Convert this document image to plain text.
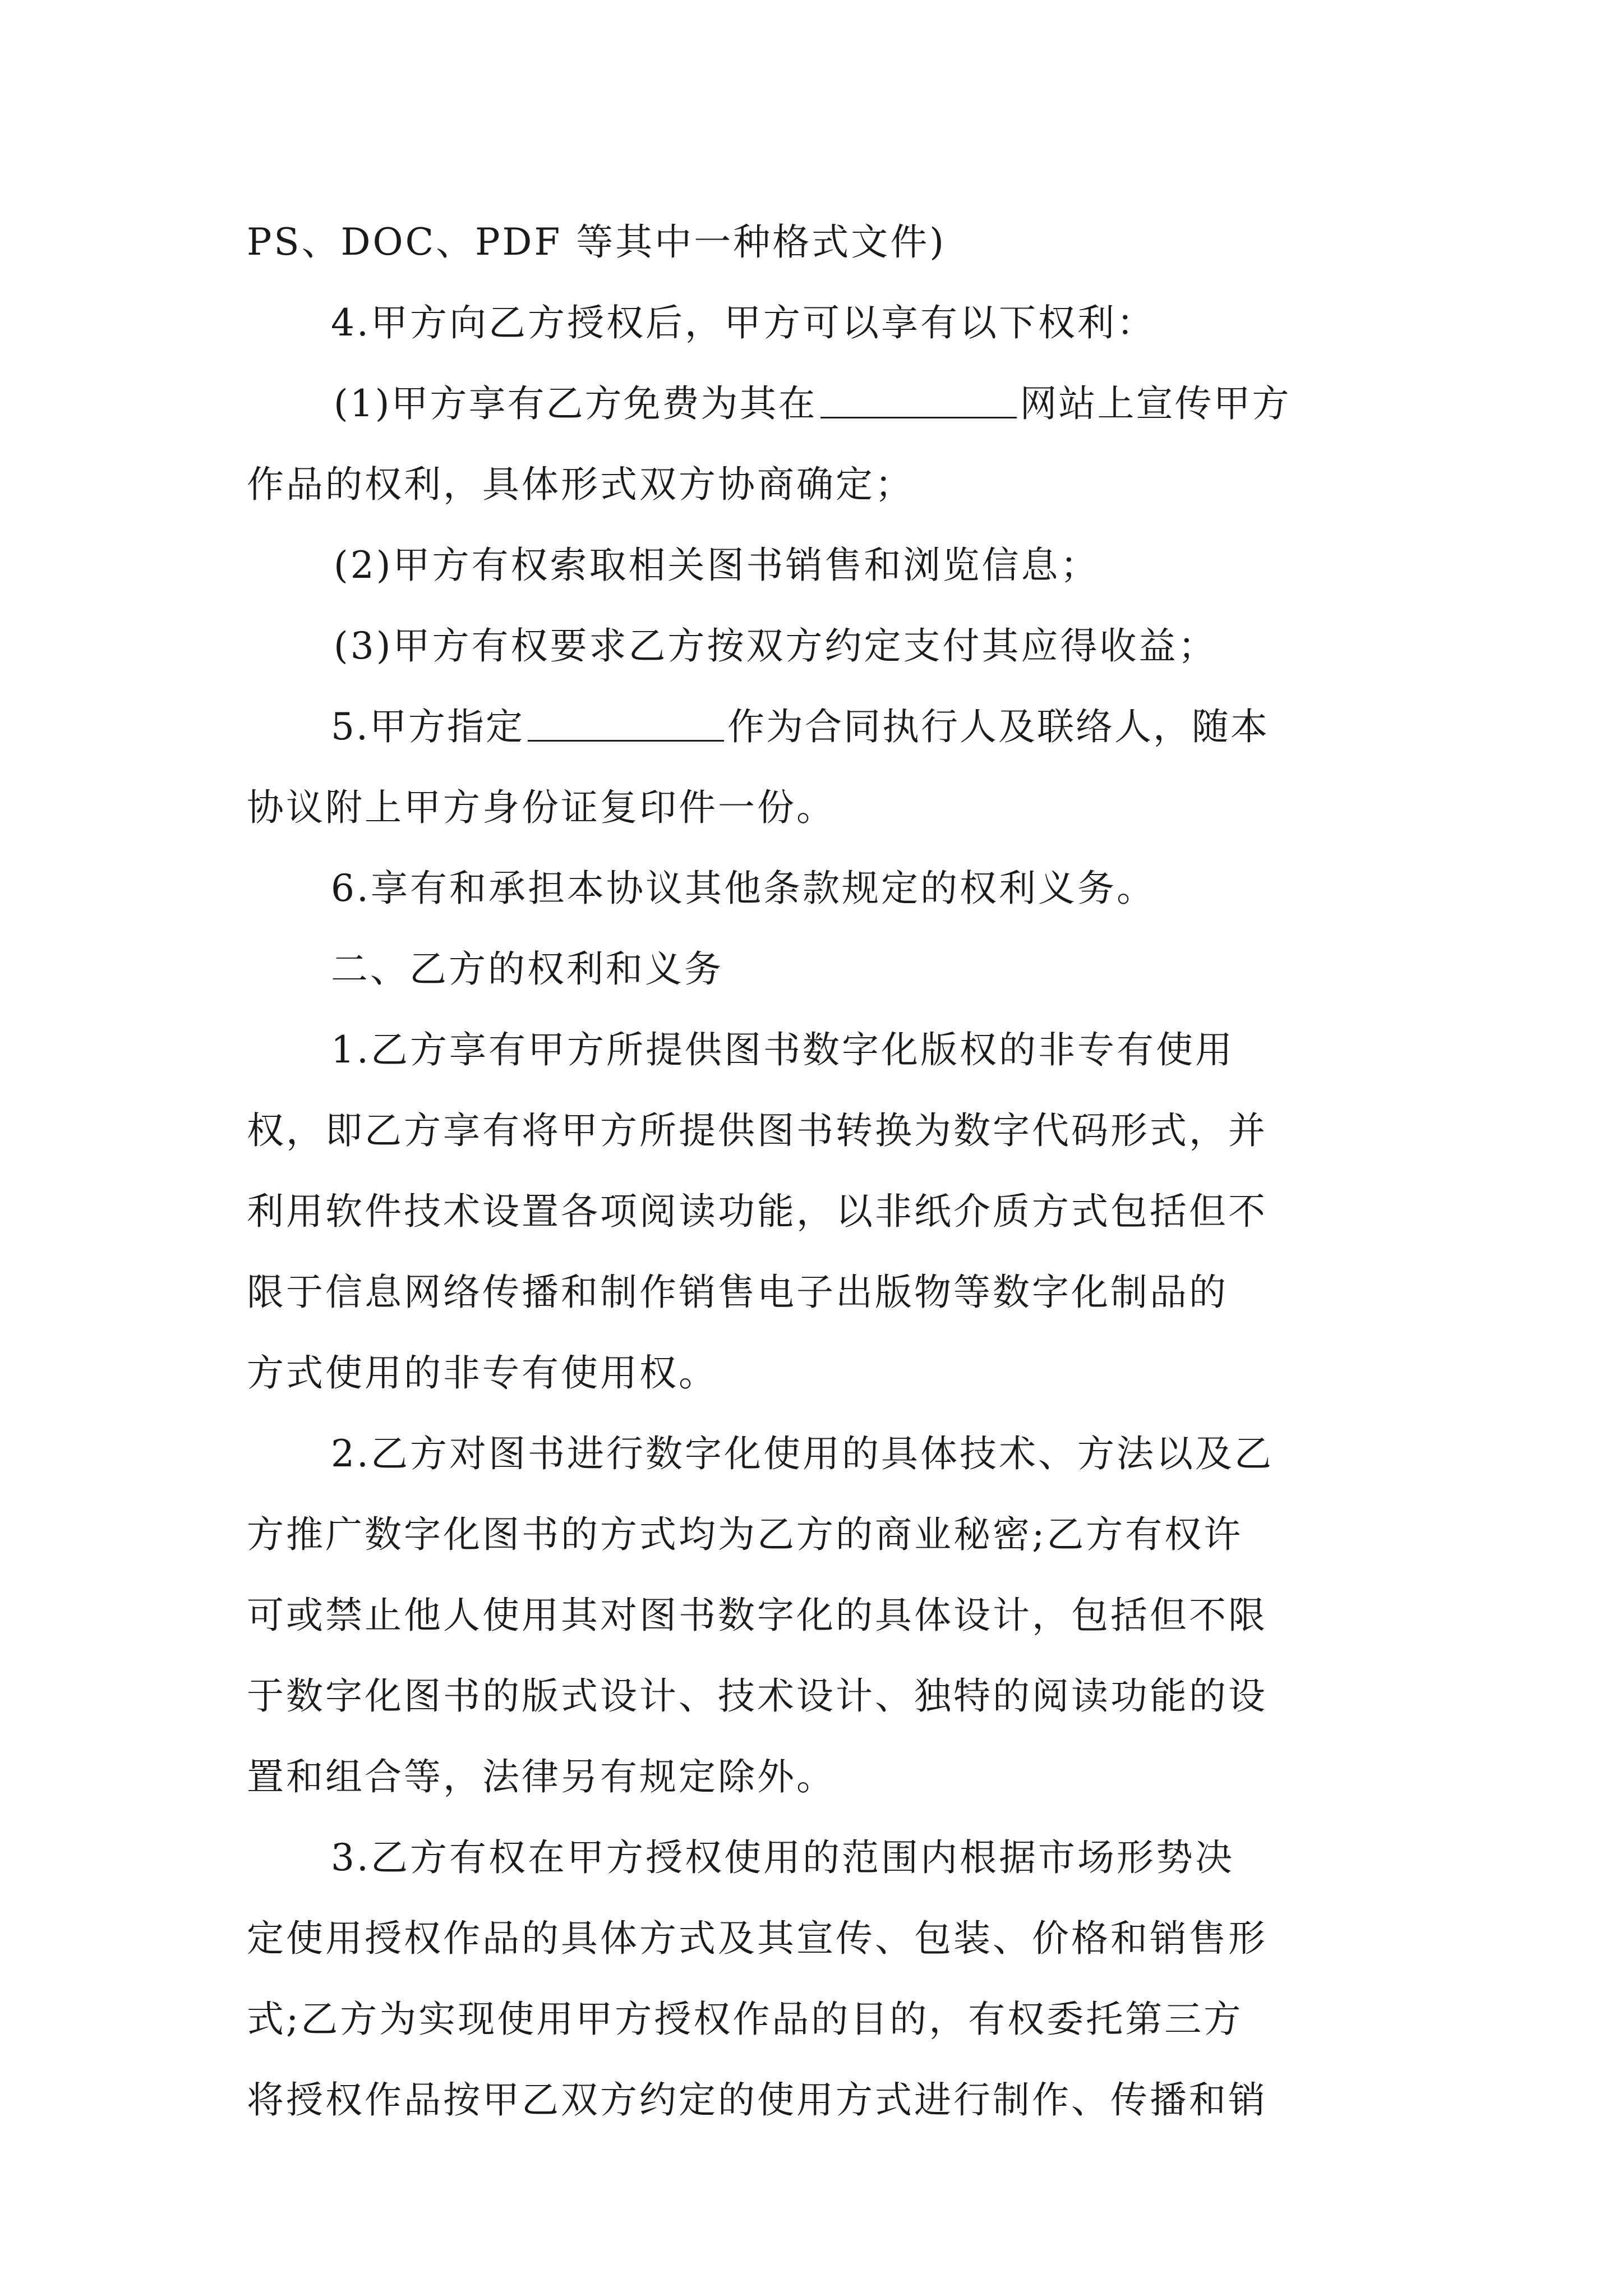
PS、DOC、PDF 等其中一种格式文件)
4.甲方向乙方授权后，甲方可以享有以下权利：
(1)甲方享有乙方免费为其在	网站上宣传甲方
作品的权利，具体形式双方协商确定；
(2)甲方有权索取相关图书销售和浏览信息；
(3)甲方有权要求乙方按双方约定支付其应得收益；
5.甲方指定	作为合同执行人及联络人，随本
协议附上甲方身份证复印件一份。
6.享有和承担本协议其他条款规定的权利义务。
二、乙方的权利和义务
1.乙方享有甲方所提供图书数字化版权的非专有使用
权，即乙方享有将甲方所提供图书转换为数字代码形式，并
利用软件技术设置各项阅读功能，以非纸介质方式包括但不
限于信息网络传播和制作销售电子出版物等数字化制品的
方式使用的非专有使用权。
2.乙方对图书进行数字化使用的具体技术、方法以及乙
方推广数字化图书的方式均为乙方的商业秘密;乙方有权许
可或禁止他人使用其对图书数字化的具体设计，包括但不限
于数字化图书的版式设计、技术设计、独特的阅读功能的设
置和组合等，法律另有规定除外。
3.乙方有权在甲方授权使用的范围内根据市场形势决
定使用授权作品的具体方式及其宣传、包装、价格和销售形
式;乙方为实现使用甲方授权作品的目的，有权委托第三方
将授权作品按甲乙双方约定的使用方式进行制作、传播和销
